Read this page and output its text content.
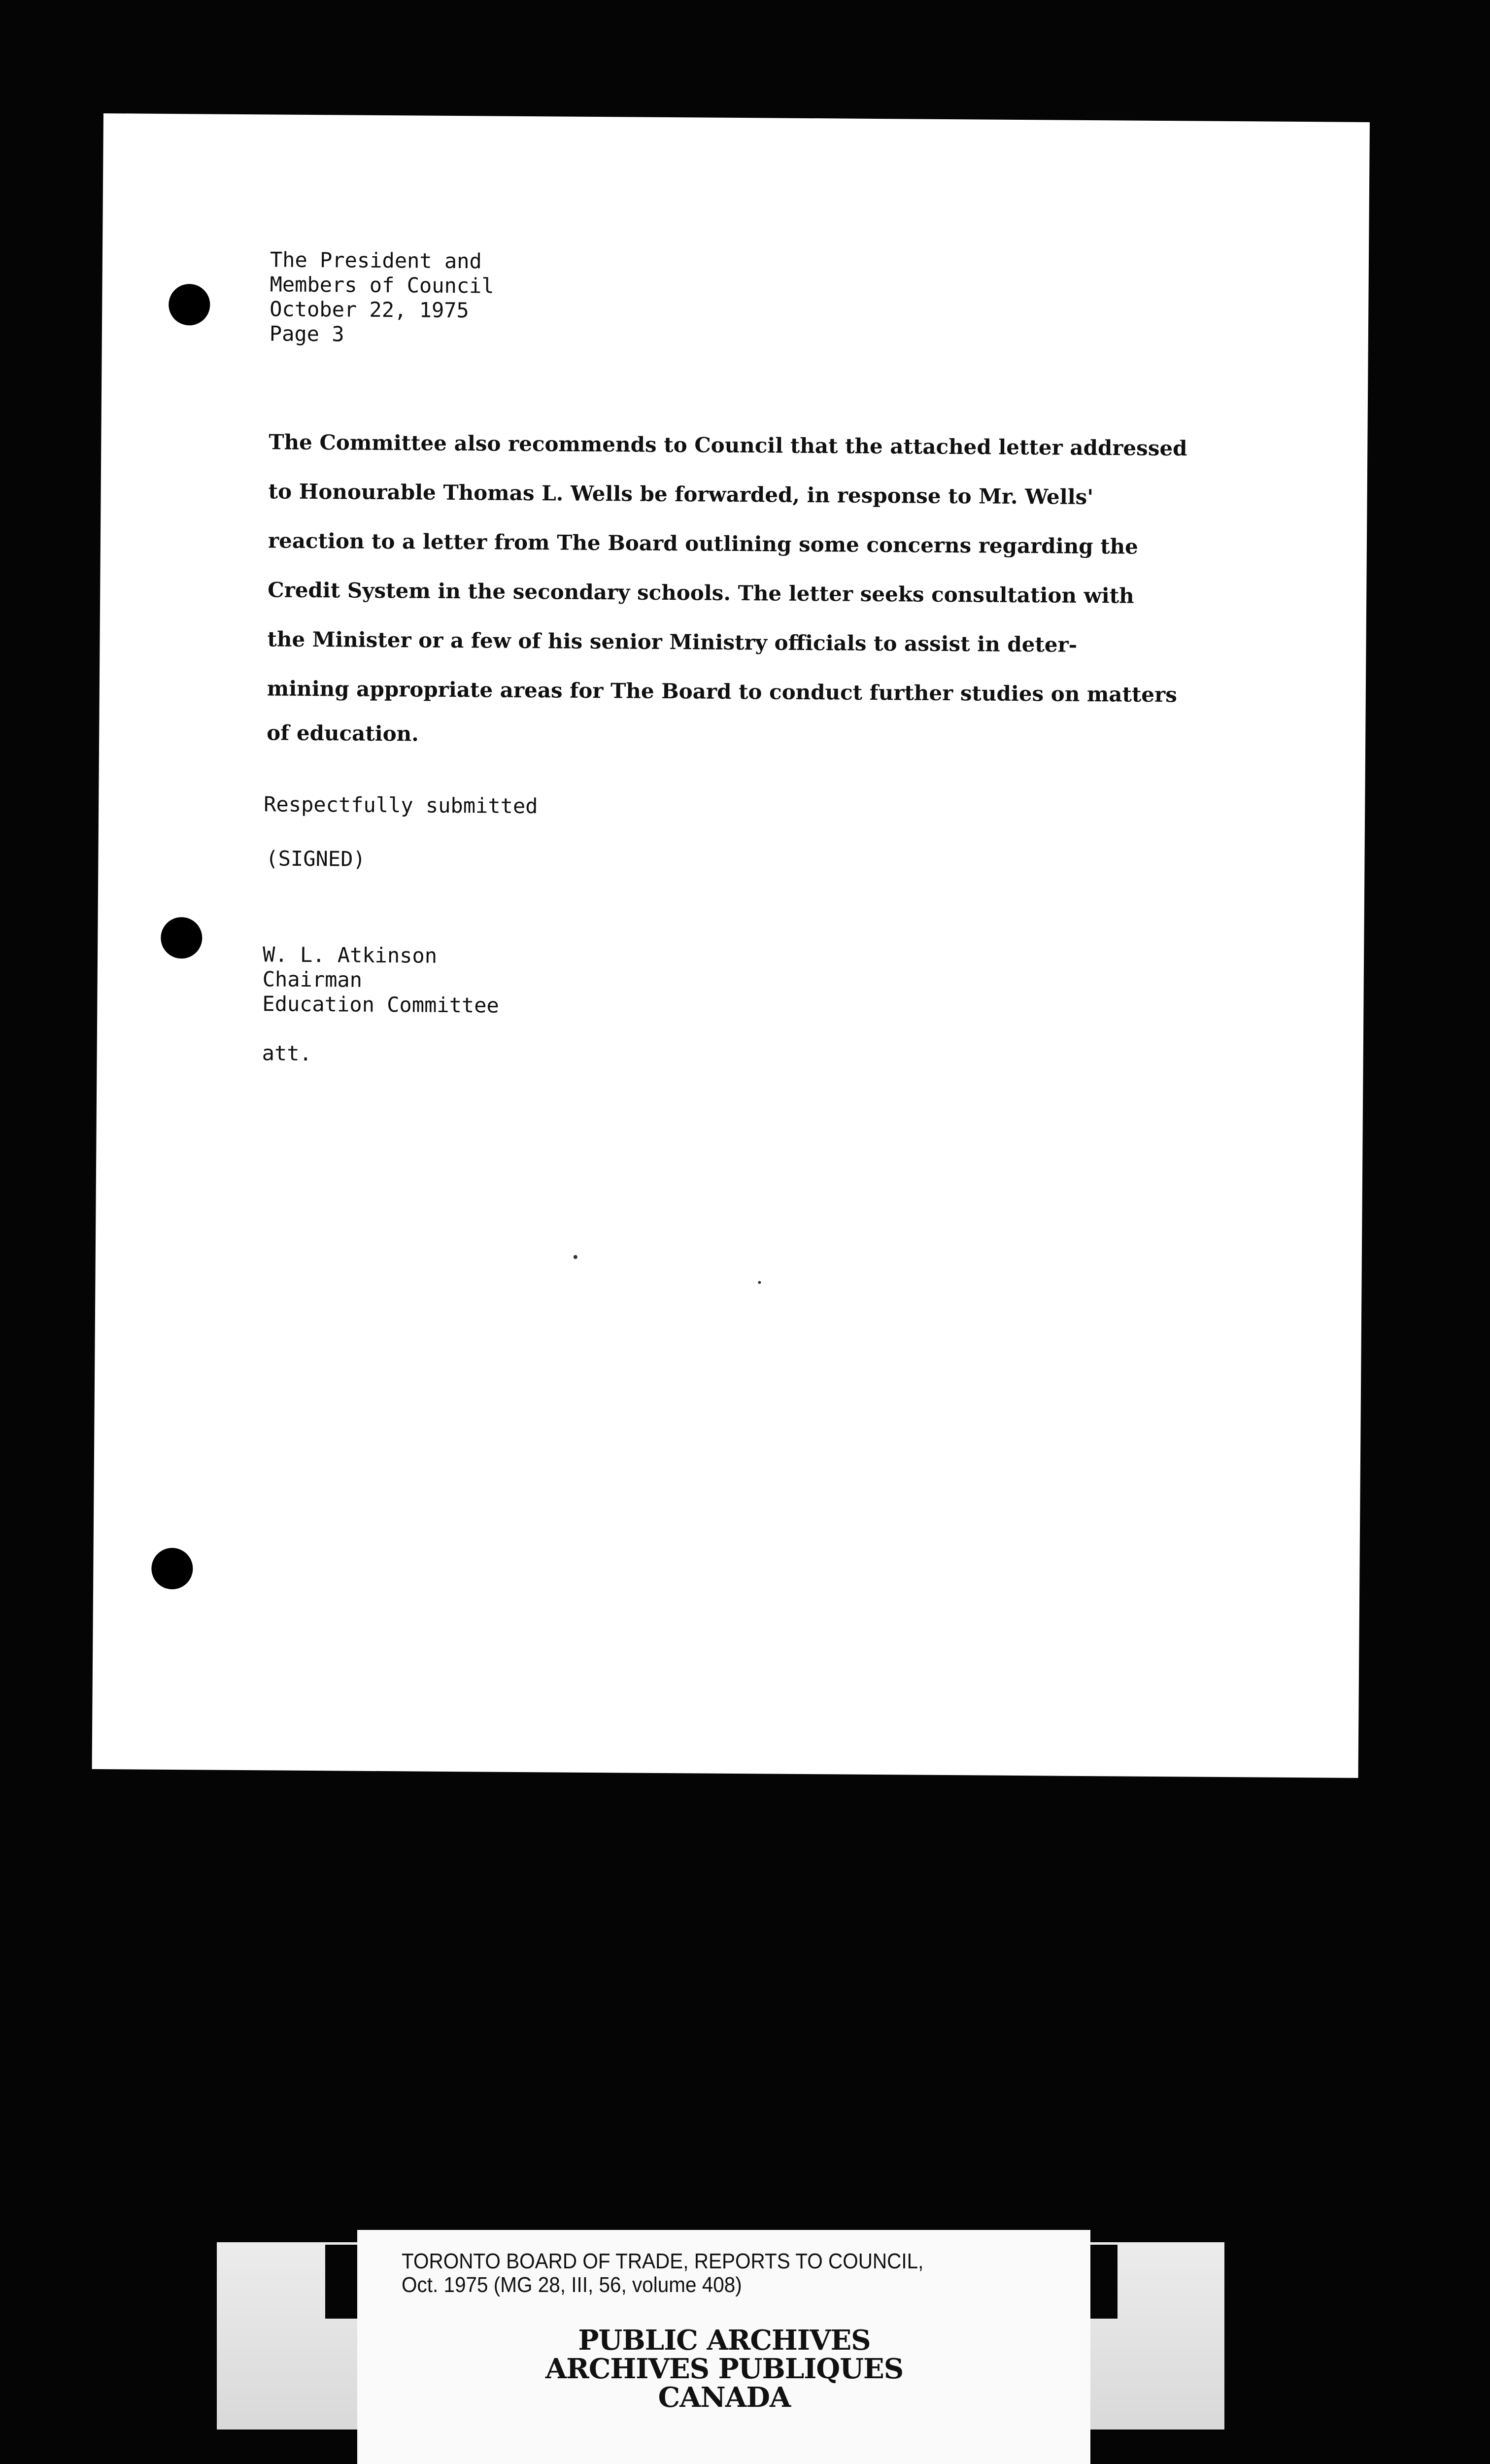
The President and
Members of Council
October 22, 1975
Page 3
The Committee also recommends to Council that the attached letter addressed
to Honourable Thomas L. Wells be forwarded, in response to Mr. Wells'
reaction to a letter from The Board outlining some concerns regarding the
Credit System in the secondary schools. The letter seeks consultation with
the Minister or a few of his senior Ministry officials to assist in deter-
mining appropriate areas for The Board to conduct further studies on matters
of education.
Respectfully submitted
(SIGNED)
W. L. Atkinson
Chairman
Education Committee
att.
TORONTO BOARD OF TRADE, REPORTS TO COUNCIL,
Oct. 1975 (MG 28, III, 56, volume 408)
PUBLIC ARCHIVES
ARCHIVES PUBLIQUES
CANADA
